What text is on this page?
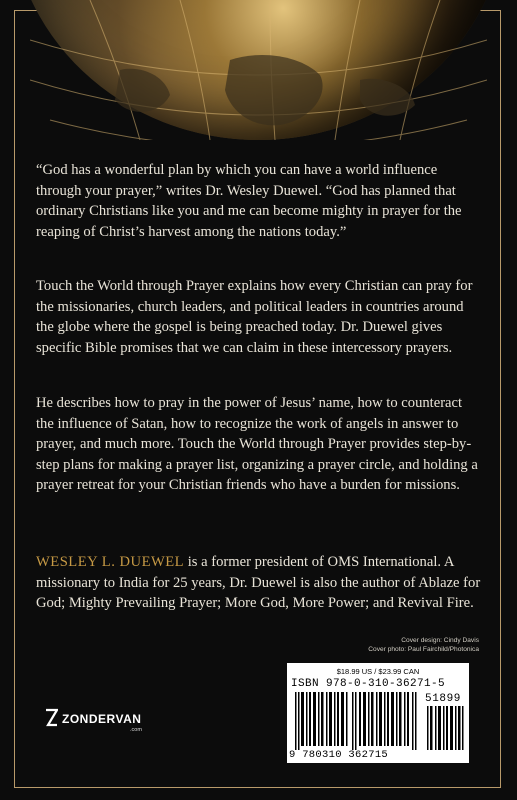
“God has a wonderful plan by which you can have a world influence through your prayer,” writes Dr. Wesley Duewel. “God has planned that ordinary Christians like you and me can become mighty in prayer for the reaping of Christ’s harvest among the nations today.”
Touch the World through Prayer explains how every Christian can pray for the missionaries, church leaders, and political leaders in countries around the globe where the gospel is being preached today. Dr. Duewel gives specific Bible promises that we can claim in these intercessory prayers.
He describes how to pray in the power of Jesus’ name, how to counteract the influence of Satan, how to recognize the work of angels in answer to prayer, and much more. Touch the World through Prayer provides step-by-step plans for making a prayer list, organizing a prayer circle, and holding a prayer retreat for your Christian friends who have a burden for missions.
WESLEY L. DUEWEL is a former president of OMS International. A missionary to India for 25 years, Dr. Duewel is also the author of Ablaze for God; Mighty Prevailing Prayer; More God, More Power; and Revival Fire.
Cover design: Cindy Davis
Cover photo: Paul Fairchild/Photonica
$18.99 US / $23.99 CAN
ISBN 978-0-310-36271-5
51899
9 780310 362715
ZONDERVAN
.com
